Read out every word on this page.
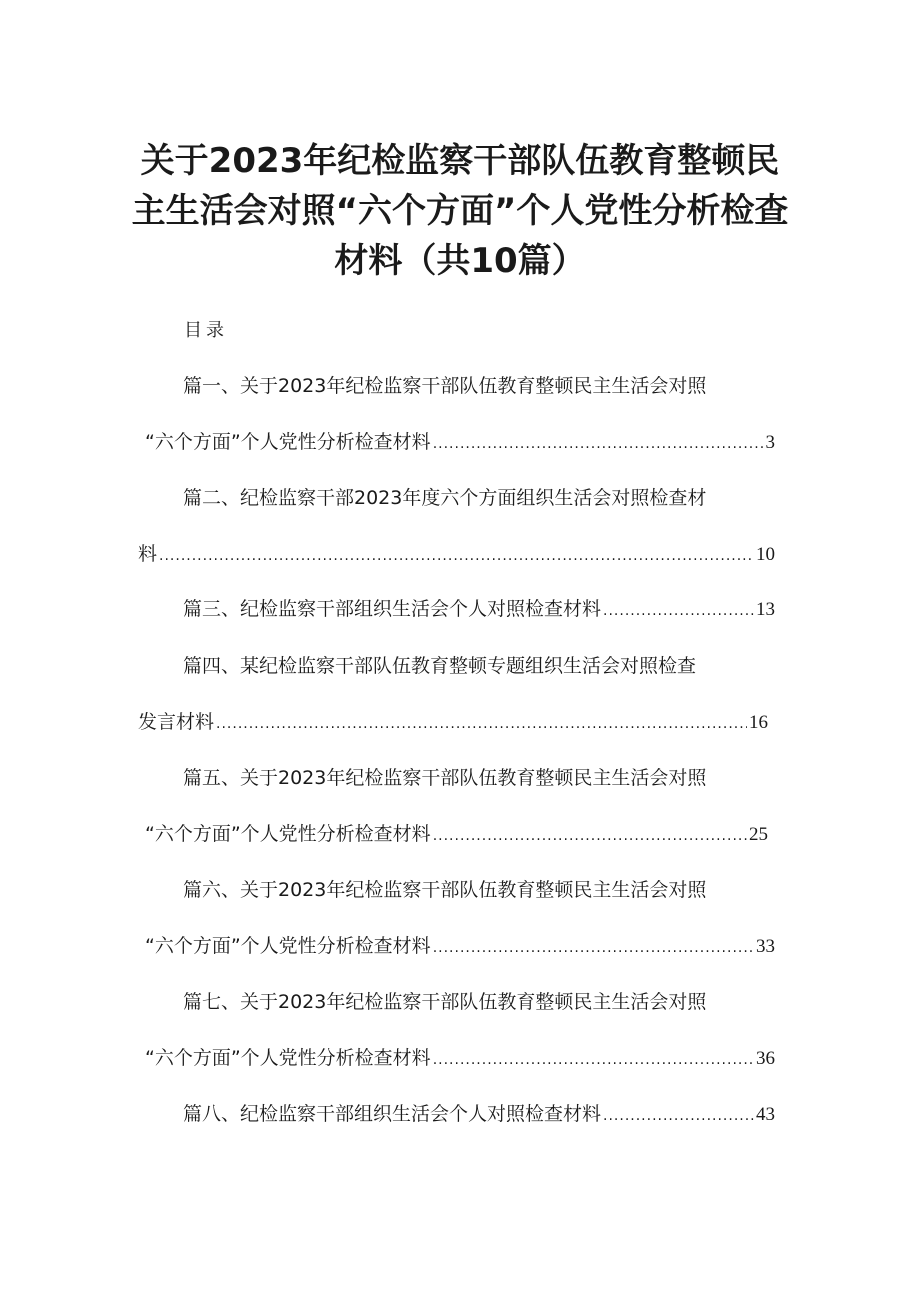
关于2023年纪检监察干部队伍教育整顿民主生活会对照“六个方面”个人党性分析检查材料（共10篇）
目录
篇一、关于2023年纪检监察干部队伍教育整顿民主生活会对照
“六个方面”个人党性分析检查材料 .....	3
篇二、纪检监察干部2023年度六个方面组织生活会对照检查材
料 .....	10
篇三、纪检监察干部组织生活会个人对照检查材料 .....	13
篇四、某纪检监察干部队伍教育整顿专题组织生活会对照检查
发言材料 .....	16
篇五、关于2023年纪检监察干部队伍教育整顿民主生活会对照
“六个方面”个人党性分析检查材料 .....	25
篇六、关于2023年纪检监察干部队伍教育整顿民主生活会对照
“六个方面”个人党性分析检查材料 .....	33
篇七、关于2023年纪检监察干部队伍教育整顿民主生活会对照
“六个方面”个人党性分析检查材料 .....	36
篇八、纪检监察干部组织生活会个人对照检查材料 .....	43
